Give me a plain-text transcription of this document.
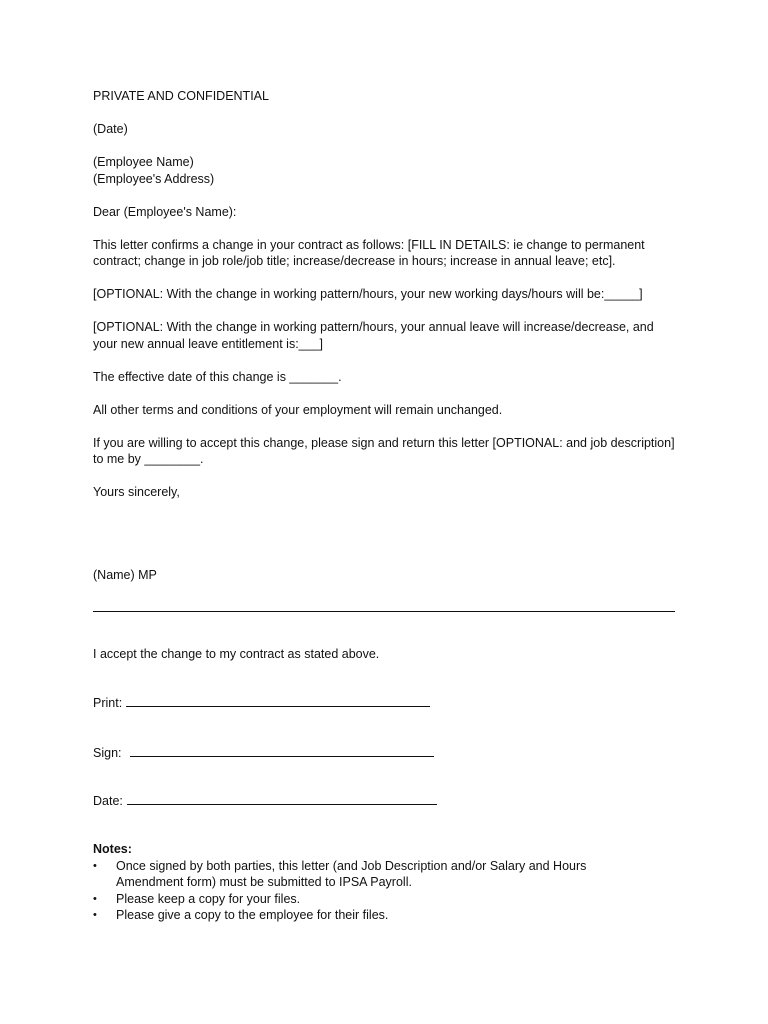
PRIVATE AND CONFIDENTIAL
(Date)
(Employee Name)
(Employee's Address)
Dear (Employee's Name):
This letter confirms a change in your contract as follows: [FILL IN DETAILS: ie change to permanent contract; change in job role/job title; increase/decrease in hours; increase in annual leave; etc].
[OPTIONAL: With the change in working pattern/hours, your new working days/hours will be:_____]
[OPTIONAL: With the change in working pattern/hours, your annual leave will increase/decrease, and your new annual leave entitlement is:___]
The effective date of this change is _______.
All other terms and conditions of your employment will remain unchanged.
If you are willing to accept this change, please sign and return this letter [OPTIONAL: and job description] to me by ________.
Yours sincerely,
(Name) MP
I accept the change to my contract as stated above.
Print:
Sign:
Date:
Notes:
• Once signed by both parties, this letter (and Job Description and/or Salary and Hours Amendment form) must be submitted to IPSA Payroll.
• Please keep a copy for your files.
• Please give a copy to the employee for their files.
